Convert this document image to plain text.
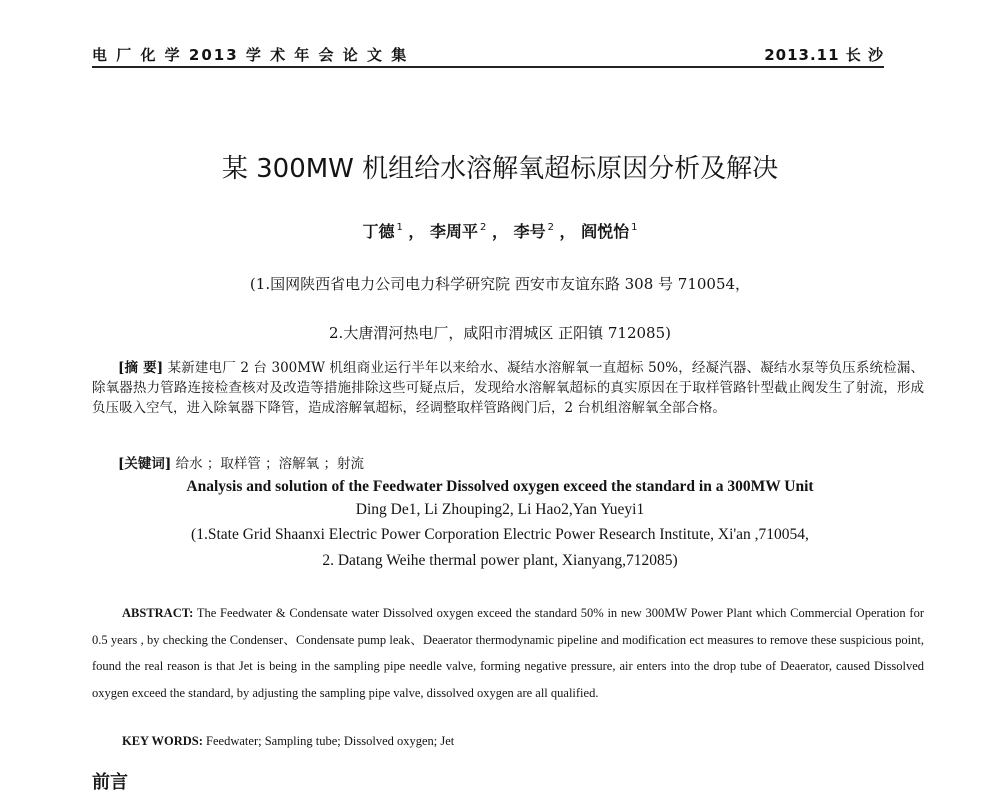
电 厂 化 学 2013 学 术 年 会 论 文 集	2013.11 长 沙
某 300MW 机组给水溶解氧超标原因分析及解决
丁德 $^1$ ， 李周平 $^2$ ， 李号 $^2$ ， 阎悦怡 $^1$
(1.国网陕西省电力公司电力科学研究院 西安市友谊东路 308 号 710054，
2.大唐渭河热电厂，咸阳市渭城区 正阳镇 712085)
[摘 要] 某新建电厂 2 台 300MW 机组商业运行半年以来给水、凝结水溶解氧一直超标 50%，经凝汽器、凝结水泵等负压系统检漏、除氧器热力管路连接检查核对及改造等措施排除这些可疑点后，发现给水溶解氧超标的真实原因在于取样管路针型截止阀发生了射流，形成负压吸入空气，进入除氧器下降管，造成溶解氧超标，经调整取样管路阀门后，2 台机组溶解氧全部合格。
[关键词] 给水 ；取样管 ；溶解氧 ；射流
Analysis and solution of the Feedwater Dissolved oxygen exceed the standard in a 300MW Unit
Ding De1, Li Zhouping2, Li Hao2,Yan Yueyi1
(1.State Grid Shaanxi Electric Power Corporation Electric Power Research Institute, Xi'an ,710054,
2. Datang Weihe thermal power plant, Xianyang,712085)
ABSTRACT: The Feedwater & Condensate water Dissolved oxygen exceed the standard 50% in new 300MW Power Plant which Commercial Operation for 0.5 years , by checking the Condenser、Condensate pump leak、Deaerator thermodynamic pipeline and modification ect measures to remove these suspicious point, found the real reason is that Jet is being in the sampling pipe needle valve, forming negative pressure, air enters into the drop tube of Deaerator, caused Dissolved oxygen exceed the standard, by adjusting the sampling pipe valve, dissolved oxygen are all qualified.
KEY WORDS: Feedwater; Sampling tube; Dissolved oxygen; Jet
前言
